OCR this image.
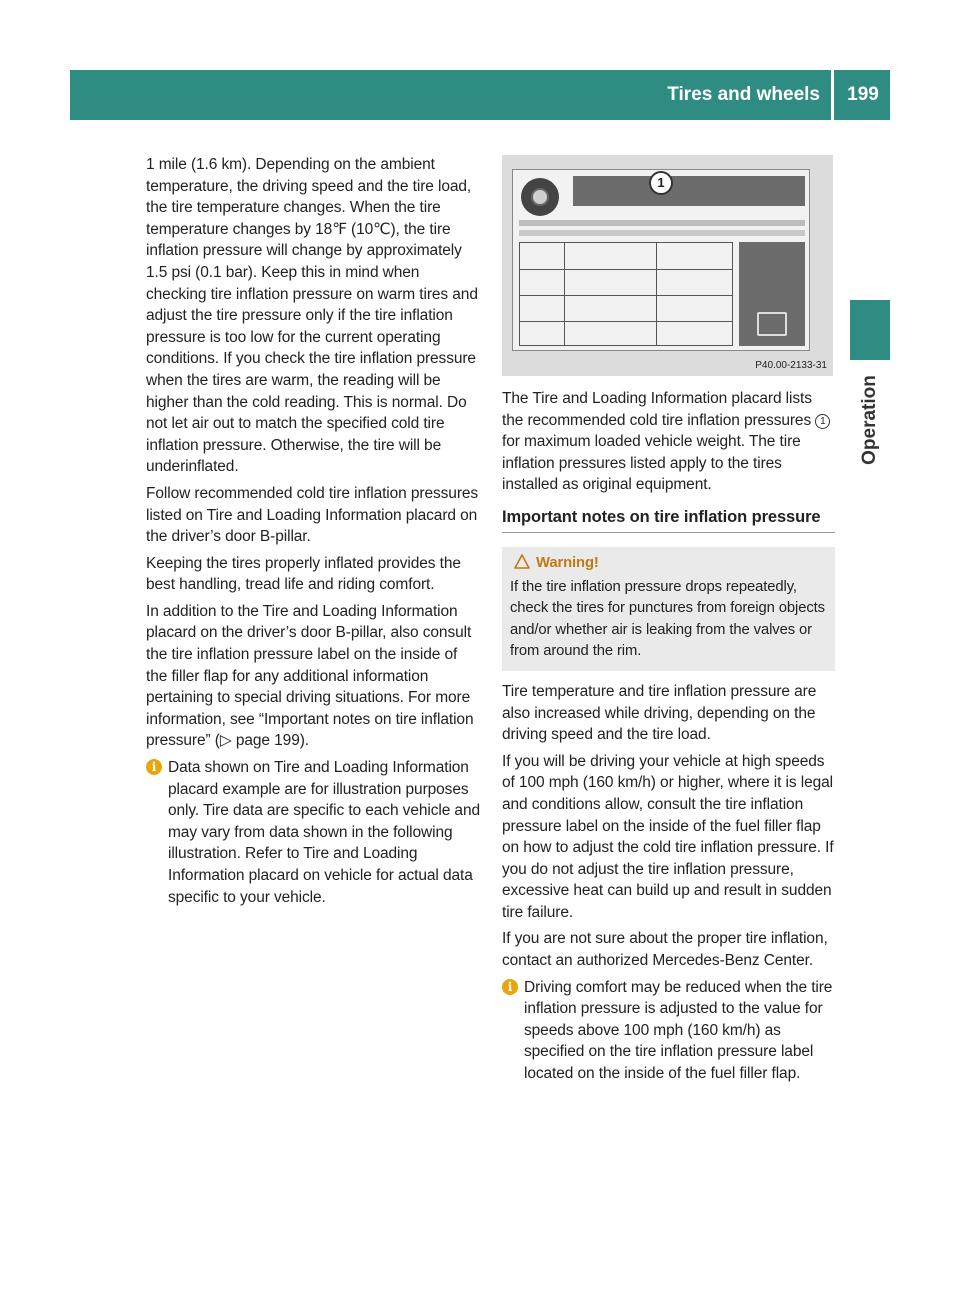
Tires and wheels	199
Operation

1 mile (1.6 km). Depending on the ambient temperature, the driving speed and the tire load, the tire temperature changes. When the tire temperature changes by 18℉ (10℃), the tire inflation pressure will change by approximately 1.5 psi (0.1 bar). Keep this in mind when checking tire inflation pressure on warm tires and adjust the tire pressure only if the tire inflation pressure is too low for the current operating conditions. If you check the tire inflation pressure when the tires are warm, the reading will be higher than the cold reading. This is normal. Do not let air out to match the specified cold tire inflation pressure. Otherwise, the tire will be underinflated.

Follow recommended cold tire inflation pressures listed on Tire and Loading Information placard on the driver’s door B-pillar.

Keeping the tires properly inflated provides the best handling, tread life and riding comfort.

In addition to the Tire and Loading Information placard on the driver’s door B-pillar, also consult the tire inflation pressure label on the inside of the filler flap for any additional information pertaining to special driving situations. For more information, see “Important notes on tire inflation pressure” (▷ page 199).

i Data shown on Tire and Loading Information placard example are for illustration purposes only. Tire data are specific to each vehicle and may vary from data shown in the following illustration. Refer to Tire and Loading Information placard on vehicle for actual data specific to your vehicle.
1
P40.00-2133-31

The Tire and Loading Information placard lists the recommended cold tire inflation pressures 1 for maximum loaded vehicle weight. The tire inflation pressures listed apply to the tires installed as original equipment.

Important notes on tire inflation pressure
Warning!
If the tire inflation pressure drops repeatedly, check the tires for punctures from foreign objects and/or whether air is leaking from the valves or from around the rim.

Tire temperature and tire inflation pressure are also increased while driving, depending on the driving speed and the tire load.

If you will be driving your vehicle at high speeds of 100 mph (160 km/h) or higher, where it is legal and conditions allow, consult the tire inflation pressure label on the inside of the fuel filler flap on how to adjust the cold tire inflation pressure. If you do not adjust the tire inflation pressure, excessive heat can build up and result in sudden tire failure.

If you are not sure about the proper tire inflation, contact an authorized Mercedes-Benz Center.

i Driving comfort may be reduced when the tire inflation pressure is adjusted to the value for speeds above 100 mph (160 km/h) as specified on the tire inflation pressure label located on the inside of the fuel filler flap.
